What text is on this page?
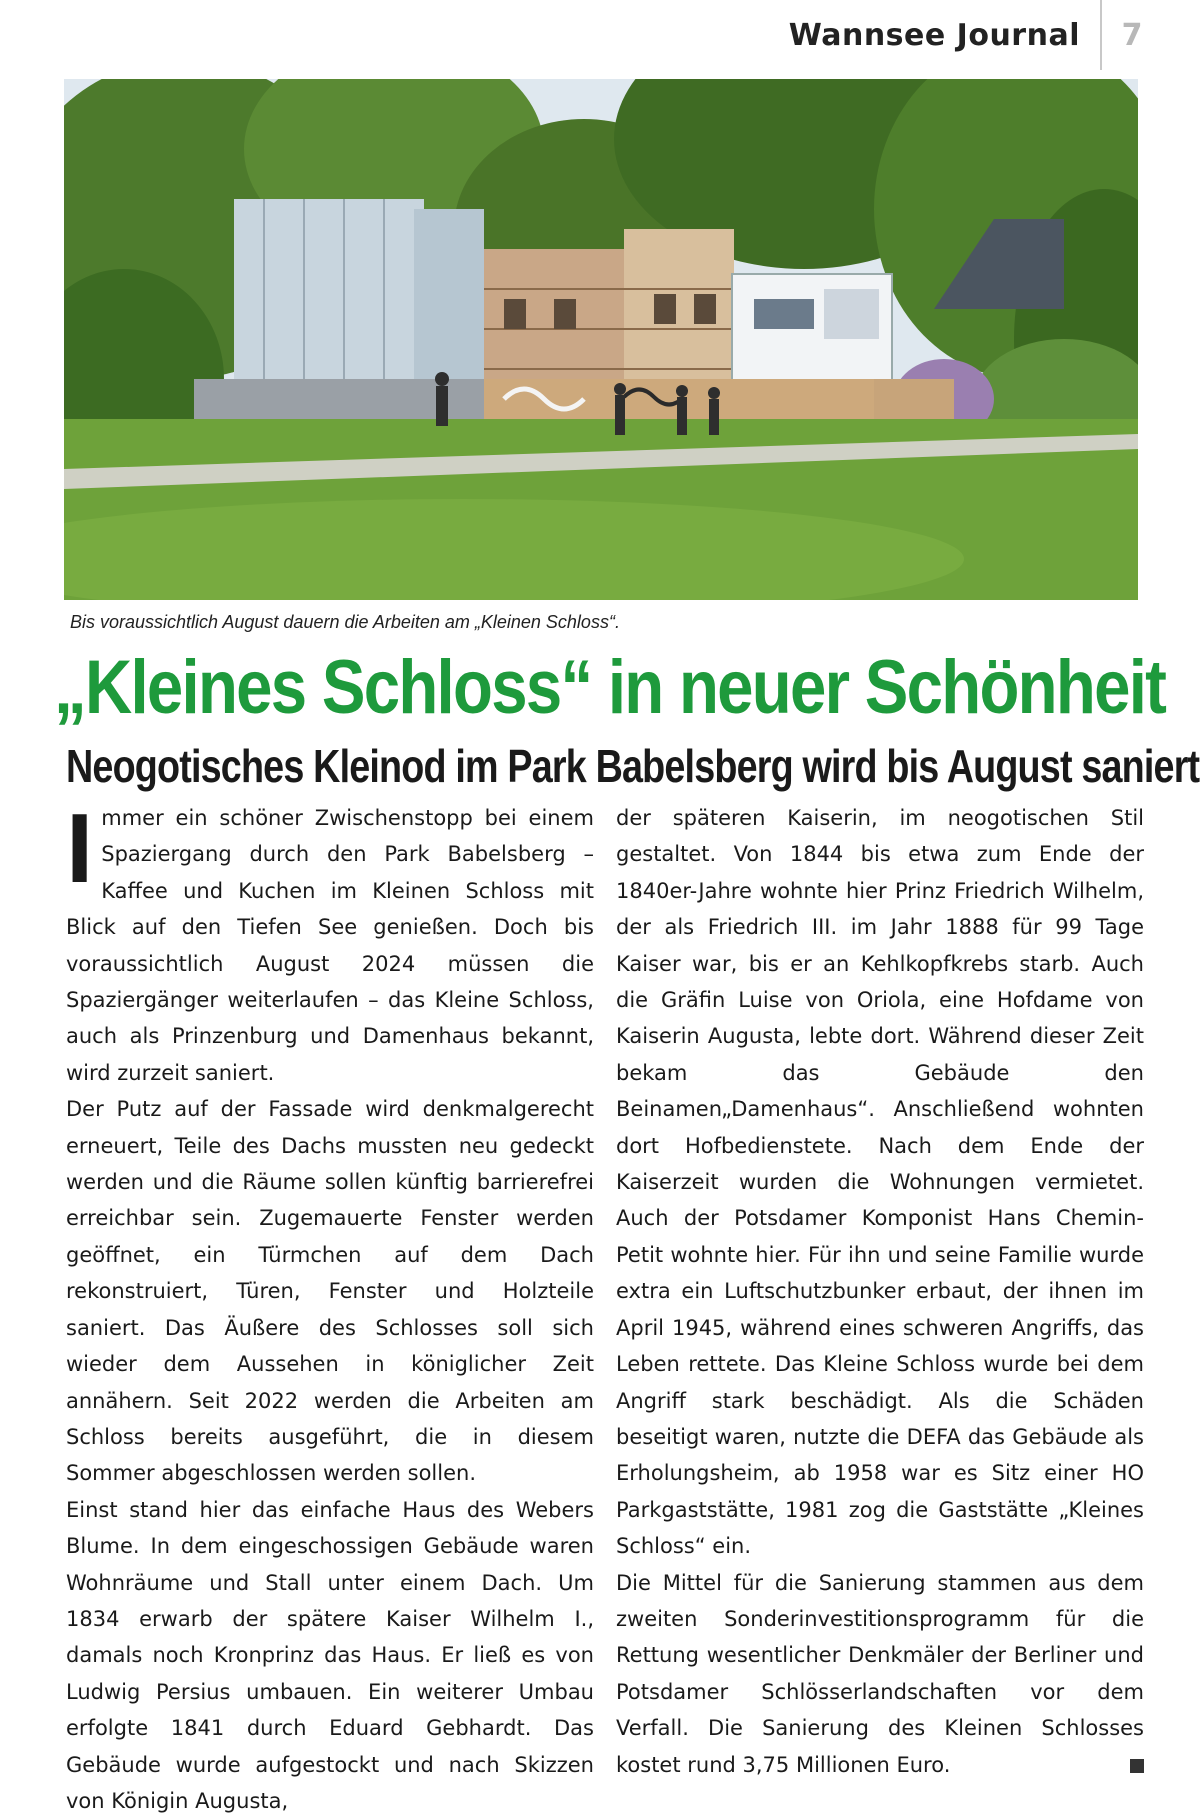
Wannsee Journal	7
Bis voraussichtlich August dauern die Arbeiten am „Kleinen Schloss“.
„Kleines Schloss“ in neuer Schönheit
Neogotisches Kleinod im Park Babelsberg wird bis August saniert

Immer ein schöner Zwischenstopp bei einem Spaziergang durch den Park Babelsberg – Kaffee und Kuchen im Kleinen Schloss mit Blick auf den Tiefen See genießen. Doch bis voraussichtlich August 2024 müssen die Spaziergänger weiterlaufen – das Kleine Schloss, auch als Prinzenburg und Damenhaus bekannt, wird zurzeit saniert.

Der Putz auf der Fassade wird denkmalgerecht erneuert, Teile des Dachs mussten neu gedeckt werden und die Räume sollen künftig barrierefrei erreichbar sein. Zugemauerte Fenster werden geöffnet, ein Türmchen auf dem Dach rekonstruiert, Türen, Fenster und Holzteile saniert. Das Äußere des Schlosses soll sich wieder dem Aussehen in königlicher Zeit annähern. Seit 2022 werden die Arbeiten am Schloss bereits ausgeführt, die in diesem Sommer abgeschlossen werden sollen.

Einst stand hier das einfache Haus des Webers Blume. In dem eingeschossigen Gebäude waren Wohnräume und Stall unter einem Dach. Um 1834 erwarb der spätere Kaiser Wilhelm I., damals noch Kronprinz das Haus. Er ließ es von Ludwig Persius umbauen. Ein weiterer Umbau erfolgte 1841 durch Eduard Gebhardt. Das Gebäude wurde aufgestockt und nach Skizzen von Königin Augusta,

der späteren Kaiserin, im neogotischen Stil gestaltet. Von 1844 bis etwa zum Ende der 1840er-Jahre wohnte hier Prinz Friedrich Wilhelm, der als Friedrich III. im Jahr 1888 für 99 Tage Kaiser war, bis er an Kehlkopfkrebs starb. Auch die Gräfin Luise von Oriola, eine Hofdame von Kaiserin Augusta, lebte dort. Während dieser Zeit bekam das Gebäude den Beinamen„Damenhaus“. Anschließend wohnten dort Hofbedienstete. Nach dem Ende der Kaiserzeit wurden die Wohnungen vermietet. Auch der Potsdamer Komponist Hans Chemin-Petit wohnte hier. Für ihn und seine Familie wurde extra ein Luftschutzbunker erbaut, der ihnen im April 1945, während eines schweren Angriffs, das Leben rettete. Das Kleine Schloss wurde bei dem Angriff stark beschädigt. Als die Schäden beseitigt waren, nutzte die DEFA das Gebäude als Erholungsheim, ab 1958 war es Sitz einer HO Parkgaststätte, 1981 zog die Gaststätte „Kleines Schloss“ ein.

Die Mittel für die Sanierung stammen aus dem zweiten Sonderinvestitionsprogramm für die Rettung wesentlicher Denkmäler der Berliner und Potsdamer Schlösserlandschaften vor dem Verfall. Die Sanierung des Kleinen Schlosses kostet rund 3,75 Millionen Euro.
